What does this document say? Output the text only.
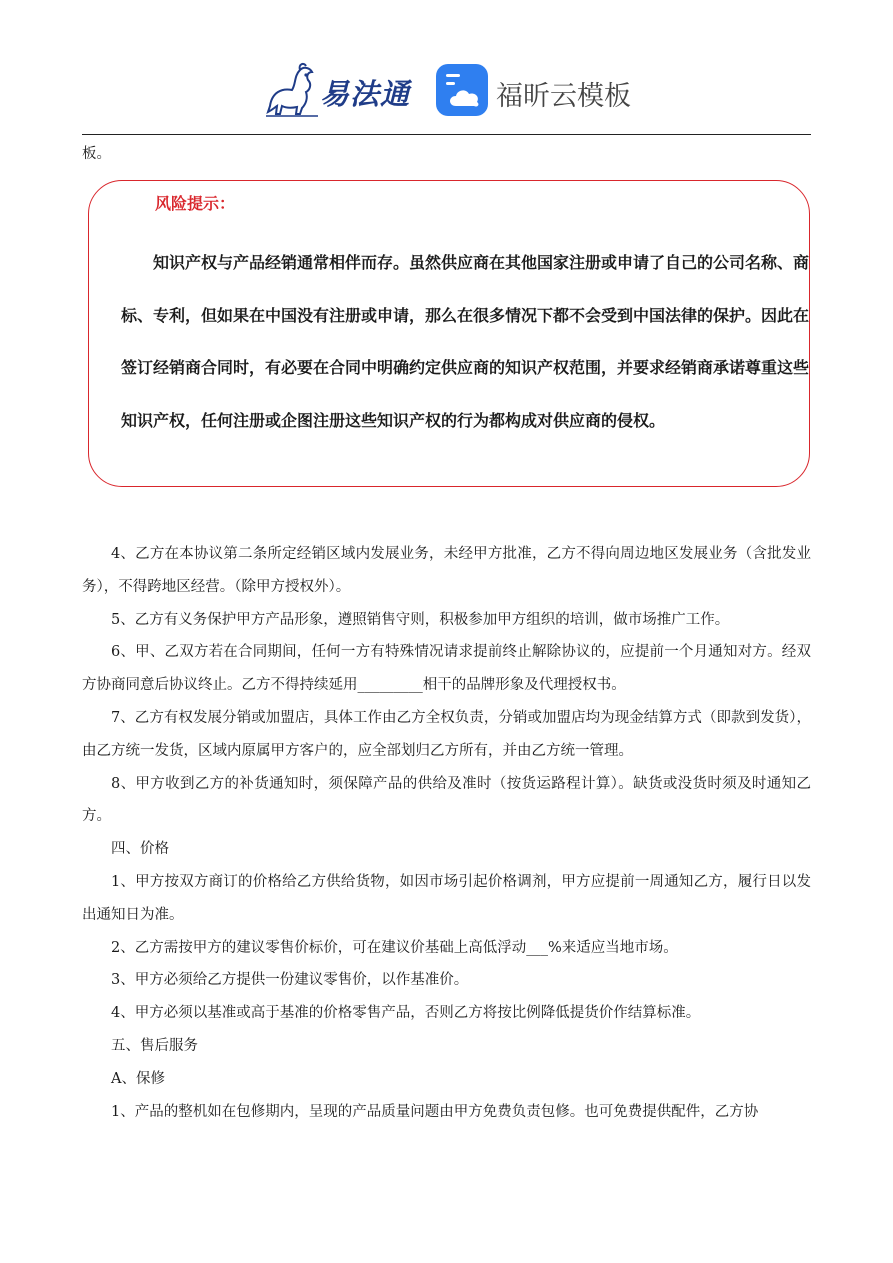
易法通	福昕云模板
板。
风险提示：
知识产权与产品经销通常相伴而存。虽然供应商在其他国家注册或申请了自己的公司名称、商标、专利，但如果在中国没有注册或申请，那么在很多情况下都不会受到中国法律的保护。因此在签订经销商合同时，有必要在合同中明确约定供应商的知识产权范围，并要求经销商承诺尊重这些知识产权，任何注册或企图注册这些知识产权的行为都构成对供应商的侵权。

4、乙方在本协议第二条所定经销区域内发展业务，未经甲方批准，乙方不得向周边地区发展业务（含批发业务），不得跨地区经营。（除甲方授权外）。

5、乙方有义务保护甲方产品形象，遵照销售守则，积极参加甲方组织的培训，做市场推广工作。

6、甲、乙双方若在合同期间，任何一方有特殊情况请求提前终止解除协议的，应提前一个月通知对方。经双方协商同意后协议终止。乙方不得持续延用_________相干的品牌形象及代理授权书。

7、乙方有权发展分销或加盟店，具体工作由乙方全权负责，分销或加盟店均为现金结算方式（即款到发货），由乙方统一发货，区域内原属甲方客户的，应全部划归乙方所有，并由乙方统一管理。

8、甲方收到乙方的补货通知时，须保障产品的供给及准时（按货运路程计算）。缺货或没货时须及时通知乙方。

四、价格

1、甲方按双方商订的价格给乙方供给货物，如因市场引起价格调剂，甲方应提前一周通知乙方，履行日以发出通知日为准。

2、乙方需按甲方的建议零售价标价，可在建议价基础上高低浮动___%来适应当地市场。

3、甲方必须给乙方提供一份建议零售价，以作基准价。

4、甲方必须以基准或高于基准的价格零售产品，否则乙方将按比例降低提货价作结算标准。

五、售后服务

A、保修

1、产品的整机如在包修期内，呈现的产品质量问题由甲方免费负责包修。也可免费提供配件，乙方协
